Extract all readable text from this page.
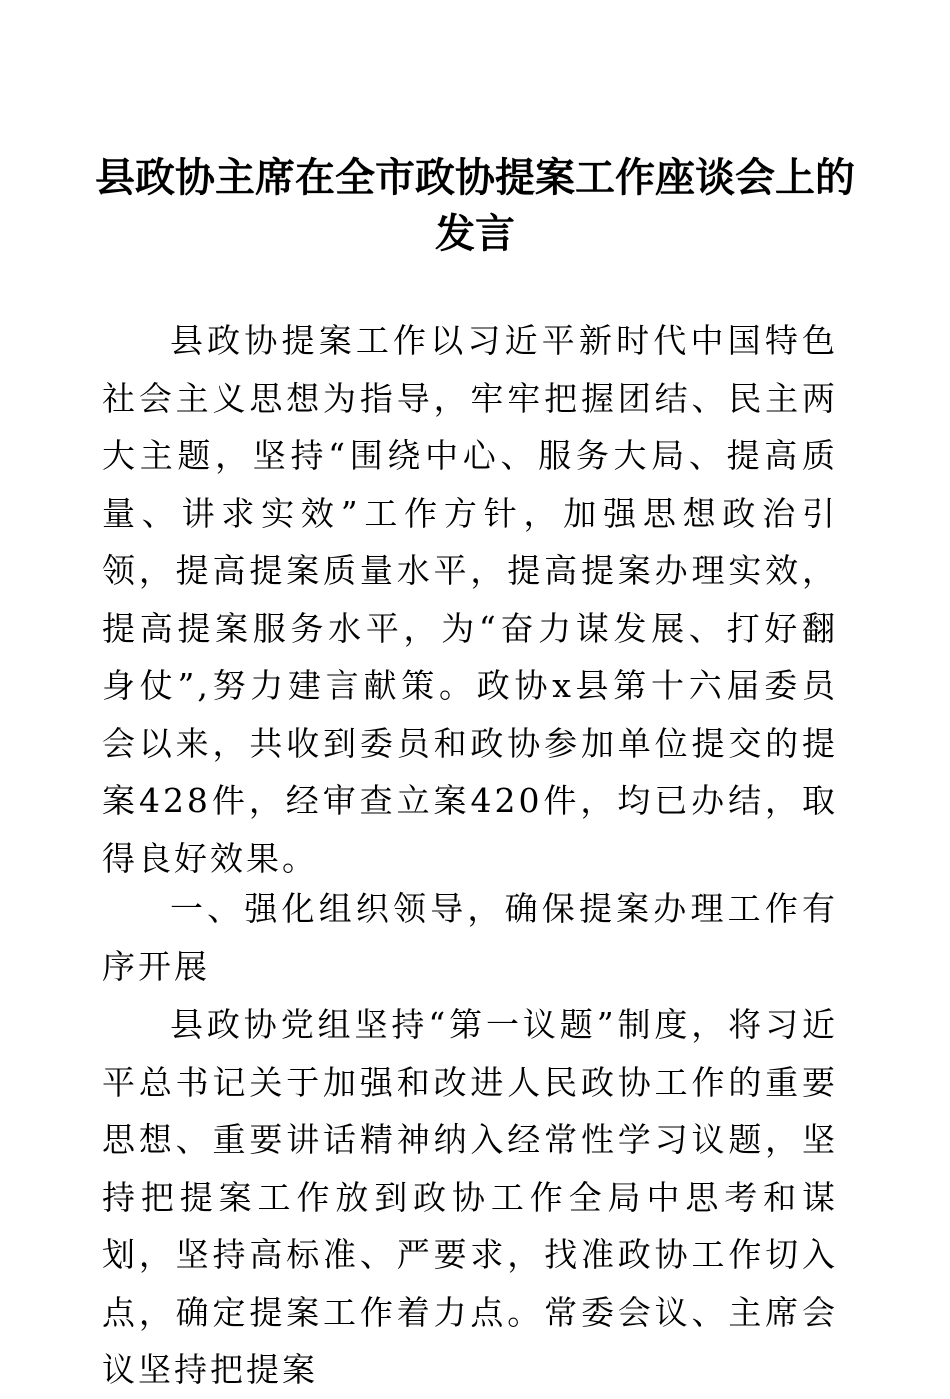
县政协主席在全市政协提案工作座谈会上的发言

县政协提案工作以习近平新时代中国特色社会主义思想为指导，牢牢把握团结、民主两大主题，坚持“围绕中心、服务大局、提高质量、讲求实效”工作方针，加强思想政治引领，提高提案质量水平，提高提案办理实效，提高提案服务水平，为“奋力谋发展、打好翻身仗”,努力建言献策。政协x县第十六届委员会以来，共收到委员和政协参加单位提交的提案428件，经审查立案420件，均已办结，取得良好效果。

一、强化组织领导，确保提案办理工作有序开展

县政协党组坚持“第一议题”制度，将习近平总书记关于加强和改进人民政协工作的重要思想、重要讲话精神纳入经常性学习议题，坚持把提案工作放到政协工作全局中思考和谋划，坚持高标准、严要求，找准政协工作切入点，确定提案工作着力点。常委会议、主席会议坚持把提案
